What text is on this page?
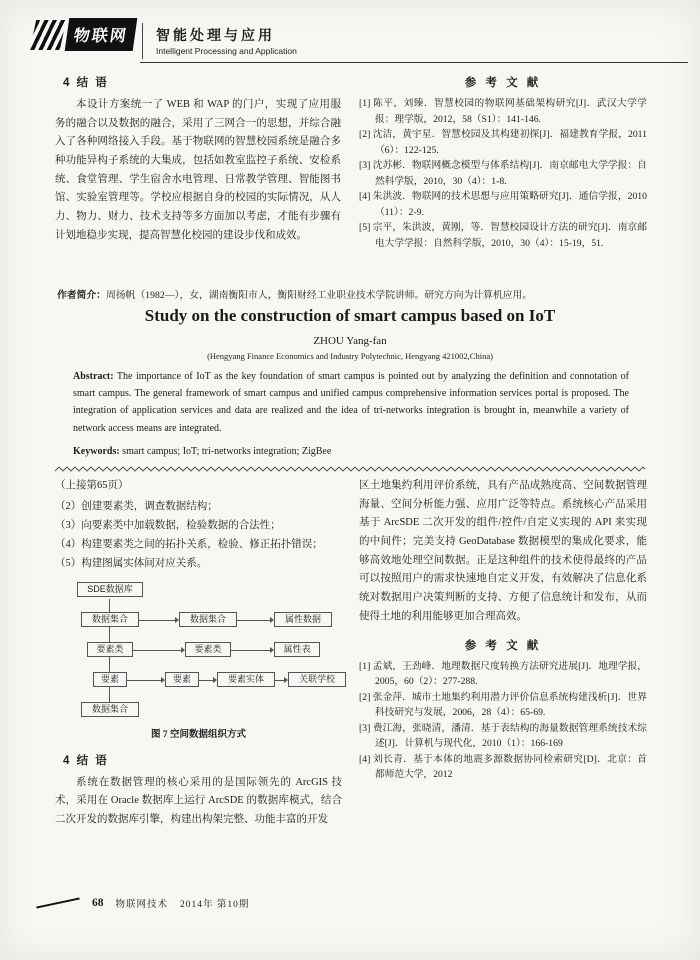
物联网	智能处理与应用
Intelligent Processing and Application
4 结 语
本设计方案统一了 WEB 和 WAP 的门户，实现了应用服务的融合以及数据的融合，采用了三网合一的思想，并综合融入了各种网络接入手段。基于物联网的智慧校园系统是融合多种功能异构子系统的大集成，包括如教室监控子系统、安检系统、食堂管理、学生宿舍水电管理、日常教学管理、智能图书馆、实验室管理等。学校应根据自身的校园的实际情况，从人力、物力、财力、技术支持等多方面加以考虑，才能有步骤有计划地稳步实现，提高智慧化校园的建设步伐和成效。
参 考 文 献
[1] 陈平，刘臻．智慧校园的物联网基础架构研究[J]．武汉大学学报：理学版，2012，58（S1）：141-146.
[2] 沈洁，黄宇星．智慧校园及其构建初探[J]．福建教育学报，2011（6）：122-125.
[3] 沈苏彬．物联网概念模型与体系结构[J]．南京邮电大学学报：自然科学版，2010，30（4）：1-8.
[4] 朱洪波．物联网的技术思想与应用策略研究[J]．通信学报，2010（11）：2-9.
[5] 宗平，朱洪波，黄刚，等．智慧校园设计方法的研究[J]．南京邮电大学学报：自然科学版，2010，30（4）：15-19，51.
作者简介：周扬帆（1982—），女，湖南衡阳市人，衡阳财经工业职业技术学院讲师。研究方向为计算机应用。
Study on the construction of smart campus based on IoT
ZHOU Yang-fan
(Hengyang Finance Economics and Industry Polytechnic, Hengyang 421002,China)
Abstract: The importance of IoT as the key foundation of smart campus is pointed out by analyzing the definition and connotation of smart campus. The general framework of smart campus and unified campus comprehensive information services portal is proposed. The integration of application services and data are realized and the idea of tri-networks integration is brought in, meanwhile a variety of network access means are integrated.
Keywords: smart campus; IoT; tri-networks integration; ZigBee
（上接第65页）
（2）创建要素类，调查数据结构；
（3）向要素类中加载数据，检验数据的合法性；
（4）构建要素类之间的拓扑关系，检验、修正拓扑错误；
（5）构建图属实体间对应关系。
SDE数据库
数据集合	数据集合	属性数据
要素类	要素类	属性表
要素	要素	要素实体	关联学校
数据集合
图 7 空间数据组织方式
4 结 语
系统在数据管理的核心采用的是国际领先的 ArcGIS 技术，采用在 Oracle 数据库上运行 ArcSDE 的数据库模式，结合二次开发的数据库引擎，构建出构架完整、功能丰富的开发
区土地集约利用评价系统，具有产品成熟度高、空间数据管理海量、空间分析能力强、应用广泛等特点。系统核心产品采用基于 ArcSDE 二次开发的组件/控件/自定义实现的 API 来实现的中间件；完美支持 GeoDatabase 数据模型的集成化要求，能够高效地处理空间数据。正是这种组件的技术使得最终的产品可以按照用户的需求快速地自定义开发，有效解决了信息化系统对数据用户决策判断的支持、方便了信息统计和发布，从而使得土地的利用能够更加合理高效。
参 考 文 献
[1] 孟斌，王劲峰．地理数据尺度转换方法研究进展[J]．地理学报，2005，60（2）：277-288.
[2] 张金萍．城市土地集约利用潜力评价信息系统构建浅析[J]．世界科技研究与发展，2006，28（4）：65-69.
[3] 费江海，张晓清，潘清．基于表结构的海量数据管理系统技术综述[J]．计算机与现代化，2010（1）：166-169
[4] 刘长青．基于本体的地震多源数据协同检索研究[D]．北京：首都师范大学，2012
68 物联网技术 2014年 第10期
